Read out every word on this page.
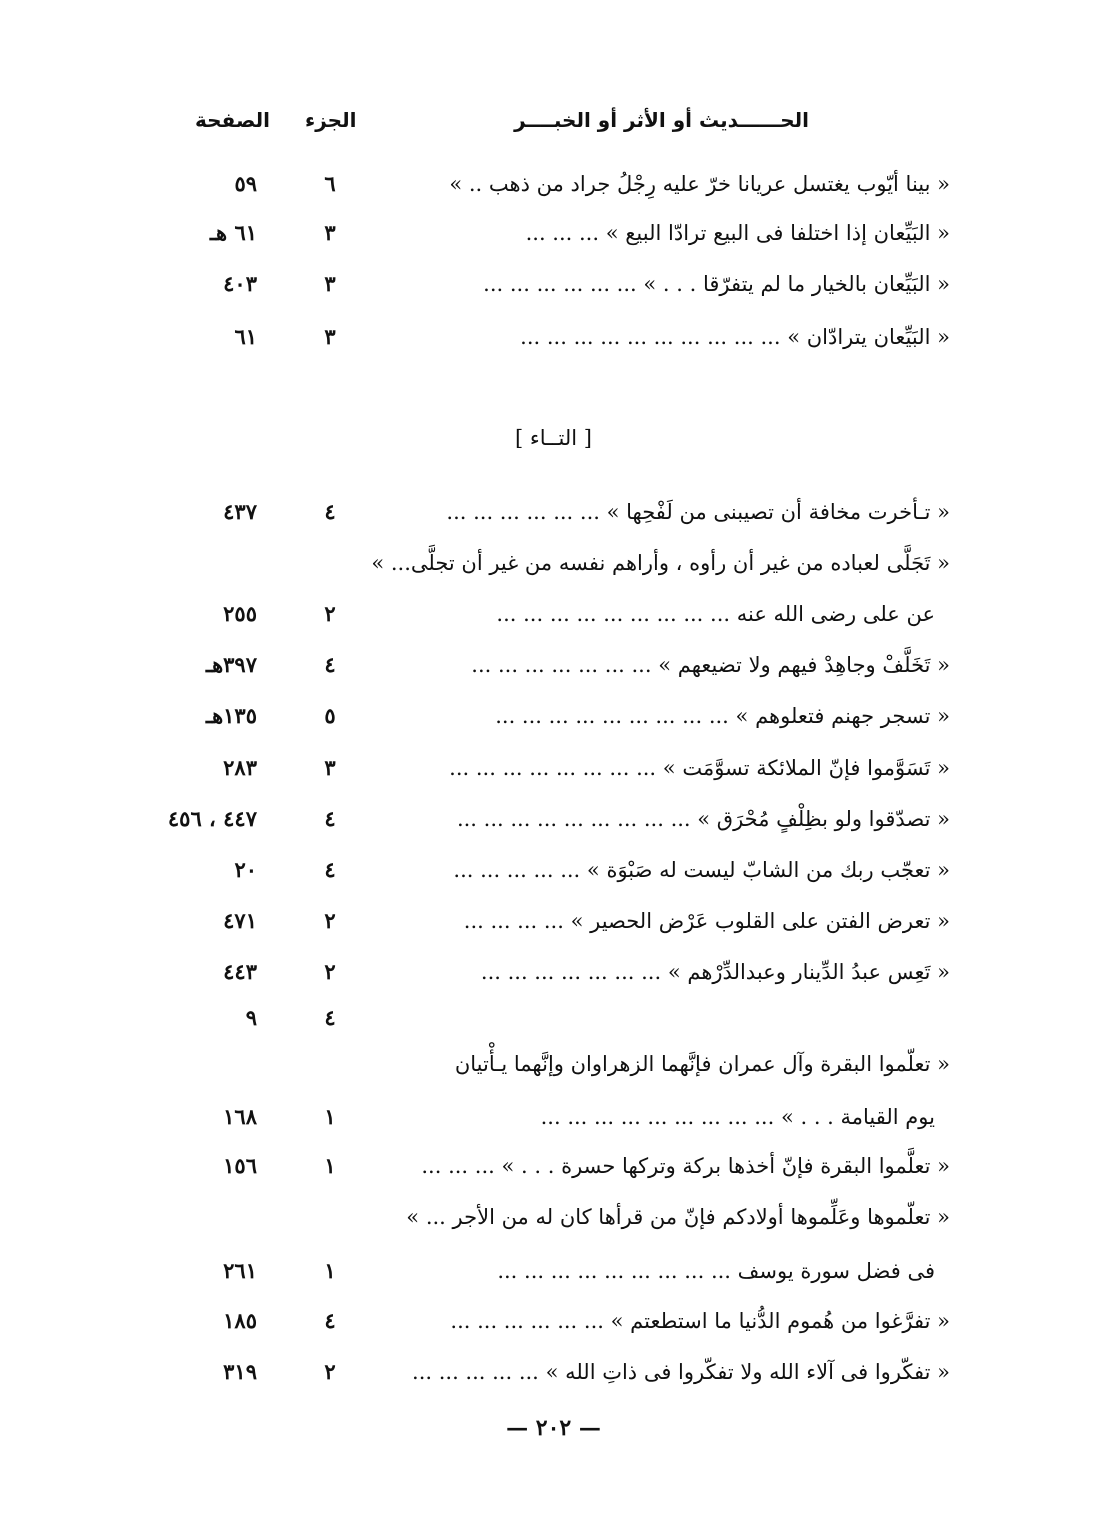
الحــــــديث أو الأثر أو الخبــــر
الجزء
الصفحة
« بينا أيّوب يغتسل عريانا خرّ عليه رِجْلُ جراد من ذهب .. »
٦
٥٩
« البَيِّعان إذا اختلفا فى البيع ترادّا البيع » ... ... ...
٣
٦١ هـ
« البَيِّعان بالخيار ما لم يتفرّقا . . . » ... ... ... ... ... ...
٣
٤٠٣
« البَيِّعان يترادّان » ... ... ... ... ... ... ... ... ... ...
٣
٦١
[ التــاء ]
« تـأخرت مخافة أن تصيبنى من لَفْحِها » ... ... ... ... ... ...
٤
٤٣٧
« تَجَلَّى لعباده من غير أن رأوه ، وأراهم نفسه من غير أن تجلَّى... »
عن على رضى الله عنه ... ... ... ... ... ... ... ... ...
٢
٢٥٥
« تَخَلَّفْ وجاهِدْ فيهم ولا تضيعهم » ... ... ... ... ... ... ...
٤
٣٩٧هـ
« تسجر جهنم فتعلوهم » ... ... ... ... ... ... ... ... ...
٥
١٣٥هـ
« تَسَوَّموا فإنّ الملائكة تسوَّمَت » ... ... ... ... ... ... ... ...
٣
٢٨٣
« تصدّقوا ولو بظِلْفٍ مُحْرَق » ... ... ... ... ... ... ... ... ...
٤
٤٤٧ ، ٤٥٦
« تعجّب ربك من الشابّ ليست له صَبْوَة » ... ... ... ... ...
٤
٢٠
« تعرض الفتن على القلوب عَرْض الحصير » ... ... ... ...
٢
٤٧١
« تَعِس عبدُ الدِّينار وعبدالدِّرْهم » ... ... ... ... ... ... ...
٢
٤٤٣
٤
٩
« تعلّموا البقرة وآل عمران فإنَّهما الزهراوان وإنَّهما يـأْتيان
يوم القيامة . . . » ... ... ... ... ... ... ... ... ...
١
١٦٨
« تعلَّموا البقرة فإنّ أخذها بركة وتركها حسرة . . . » ... ... ...
١
١٥٦
« تعلّموها وعَلِّموها أولادكم فإنّ من قرأها كان له من الأجر ... »
فى فضل سورة يوسف ... ... ... ... ... ... ... ... ...
١
٢٦١
« تفرَّغوا من هُموم الدُّنيا ما استطعتم » ... ... ... ... ... ...
٤
١٨٥
« تفكّروا فى آلاء الله ولا تفكّروا فى ذاتِ الله » ... ... ... ... ...
٢
٣١٩
— ٢٠٢ —
